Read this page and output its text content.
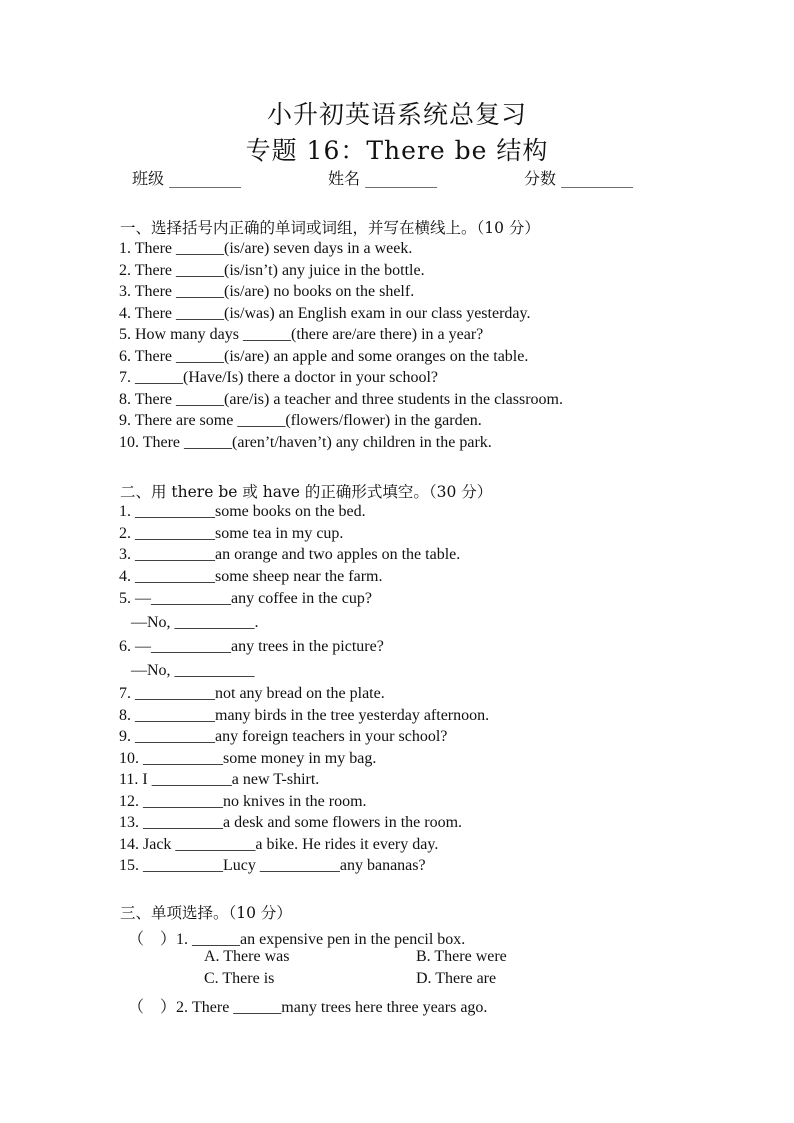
小升初英语系统总复习
专题 16：There be 结构
班级 _________	姓名 _________	分数 _________
一、选择括号内正确的单词或词组，并写在横线上。（10 分）
1. There ______(is/are) seven days in a week.
2. There ______(is/isn’t) any juice in the bottle.
3. There ______(is/are) no books on the shelf.
4. There ______(is/was) an English exam in our class yesterday.
5. How many days ______(there are/are there) in a year?
6. There ______(is/are) an apple and some oranges on the table.
7. ______(Have/Is) there a doctor in your school?
8. There ______(are/is) a teacher and three students in the classroom.
9. There are some ______(flowers/flower) in the garden.
10. There ______(aren’t/haven’t) any children in the park.
二、用 there be 或 have 的正确形式填空。（30 分）
1. __________some books on the bed.
2. __________some tea in my cup.
3. __________an orange and two apples on the table.
4. __________some sheep near the farm.
5. —__________any coffee in the cup?
—No, __________.
6. —__________any trees in the picture?
—No, __________
7. __________not any bread on the plate.
8. __________many birds in the tree yesterday afternoon.
9. __________any foreign teachers in your school?
10. __________some money in my bag.
11. I __________a new T-shirt.
12. __________no knives in the room.
13. __________a desk and some flowers in the room.
14. Jack __________a bike. He rides it every day.
15. __________Lucy __________any bananas?
三、单项选择。（10 分）
（    ）1. ______an expensive pen in the pencil box.
A. There was	B. There were
C. There is	D. There are
（    ）2. There ______many trees here three years ago.
